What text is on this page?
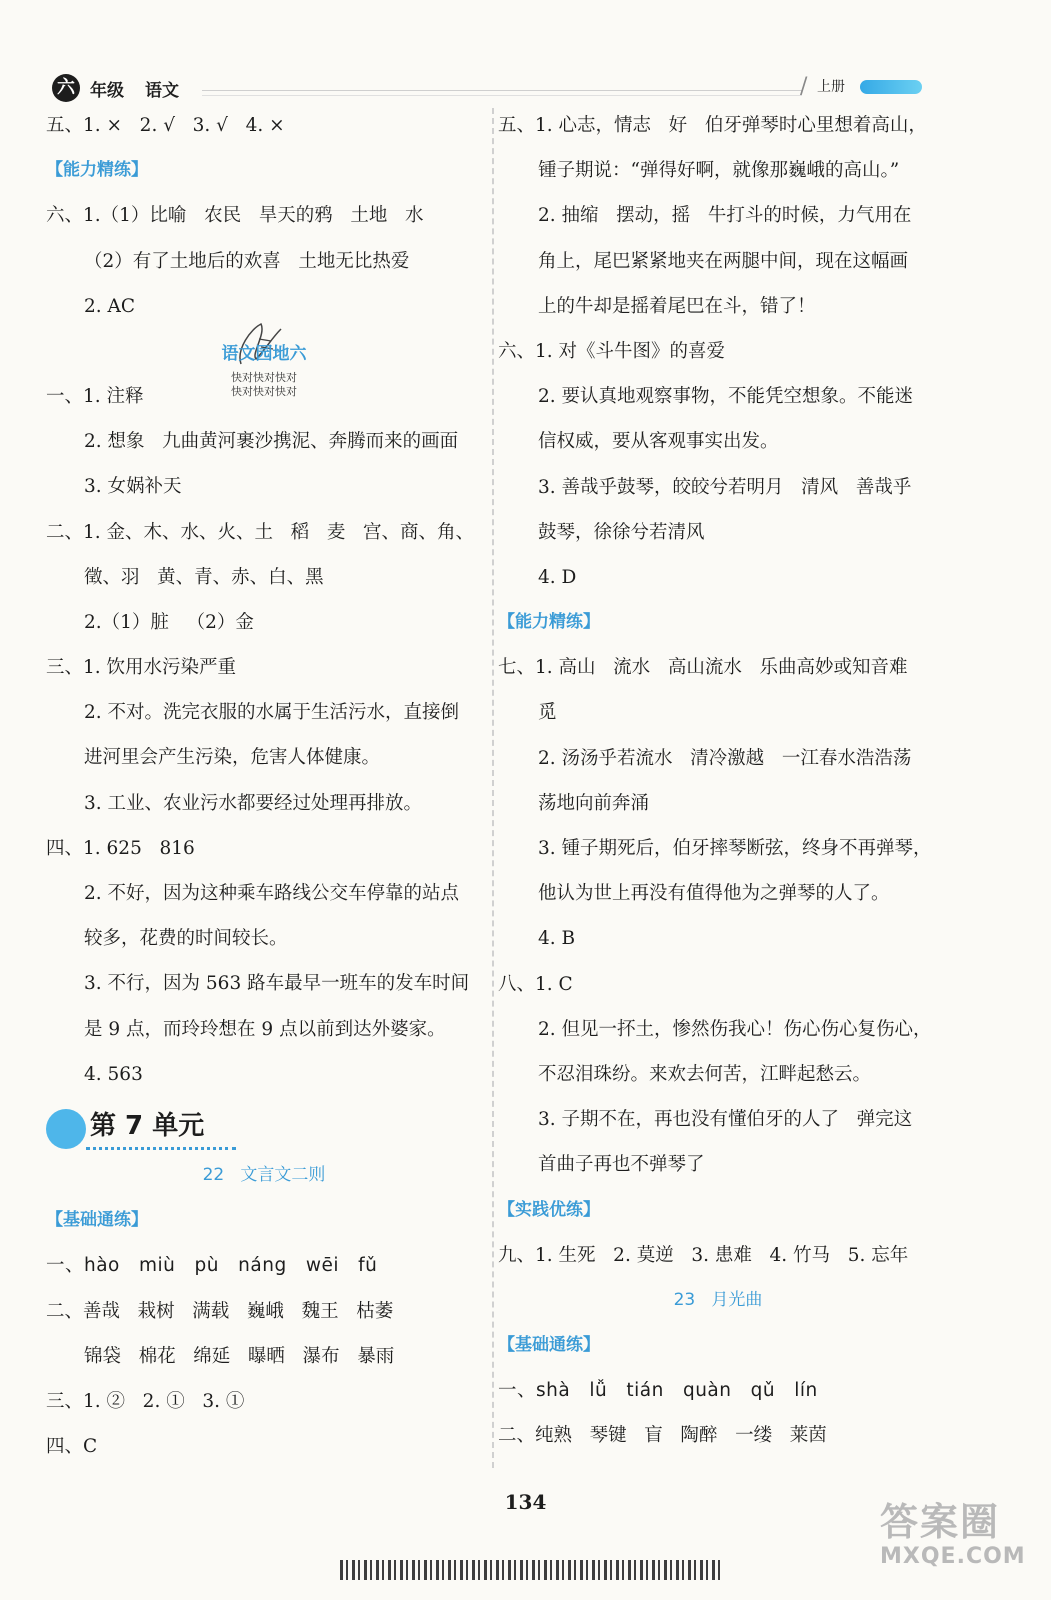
六 年级 语文	/ 上册
五、1. ×   2. √   3. √   4. ×
【能力精练】
六、1.（1）比喻   农民   旱天的鸦   土地   水
（2）有了土地后的欢喜   土地无比热爱
2. AC
语文园地六
快对快对快对
快对快对快对
一、1. 注释
2. 想象   九曲黄河裹沙携泥、奔腾而来的画面
3. 女娲补天
二、1. 金、木、水、火、土   稻   麦   宫、商、角、
徵、羽   黄、青、赤、白、黑
2.（1）脏   （2）金
三、1. 饮用水污染严重
2. 不对。洗完衣服的水属于生活污水，直接倒
进河里会产生污染，危害人体健康。
3. 工业、农业污水都要经过处理再排放。
四、1. 625   816
2. 不好，因为这种乘车路线公交车停靠的站点
较多，花费的时间较长。
3. 不行，因为 563 路车最早一班车的发车时间
是 9 点，而玲玲想在 9 点以前到达外婆家。
4. 563
第 7 单元
22   文言文二则
【基础通练】
一、hào   miù   pù   náng   wēi   fǔ
二、善哉   栽树   满载   巍峨   魏王   枯萎
锦袋   棉花   绵延   曝晒   瀑布   暴雨
三、1. ②   2. ①   3. ①
四、C
五、1. 心志，情志   好   伯牙弹琴时心里想着高山，
锺子期说：“弹得好啊，就像那巍峨的高山。”
2. 抽缩   摆动，摇   牛打斗的时候，力气用在
角上，尾巴紧紧地夹在两腿中间，现在这幅画
上的牛却是摇着尾巴在斗，错了！
六、1. 对《斗牛图》的喜爱
2. 要认真地观察事物，不能凭空想象。不能迷
信权威，要从客观事实出发。
3. 善哉乎鼓琴，皎皎兮若明月   清风   善哉乎
鼓琴，徐徐兮若清风
4. D
【能力精练】
七、1. 高山   流水   高山流水   乐曲高妙或知音难
觅
2. 汤汤乎若流水   清冷激越   一江春水浩浩荡
荡地向前奔涌
3. 锺子期死后，伯牙摔琴断弦，终身不再弹琴，
他认为世上再没有值得他为之弹琴的人了。
4. B
八、1. C
2. 但见一抔土，惨然伤我心！伤心伤心复伤心，
不忍泪珠纷。来欢去何苦，江畔起愁云。
3. 子期不在，再也没有懂伯牙的人了   弹完这
首曲子再也不弹琴了
【实践优练】
九、1. 生死   2. 莫逆   3. 患难   4. 竹马   5. 忘年
23   月光曲
【基础通练】
一、shà   lǚ   tián   quàn   qǔ   lín
二、纯熟   琴键   盲   陶醉   一缕   莱茵
134	答案圈
MXQE.COM
